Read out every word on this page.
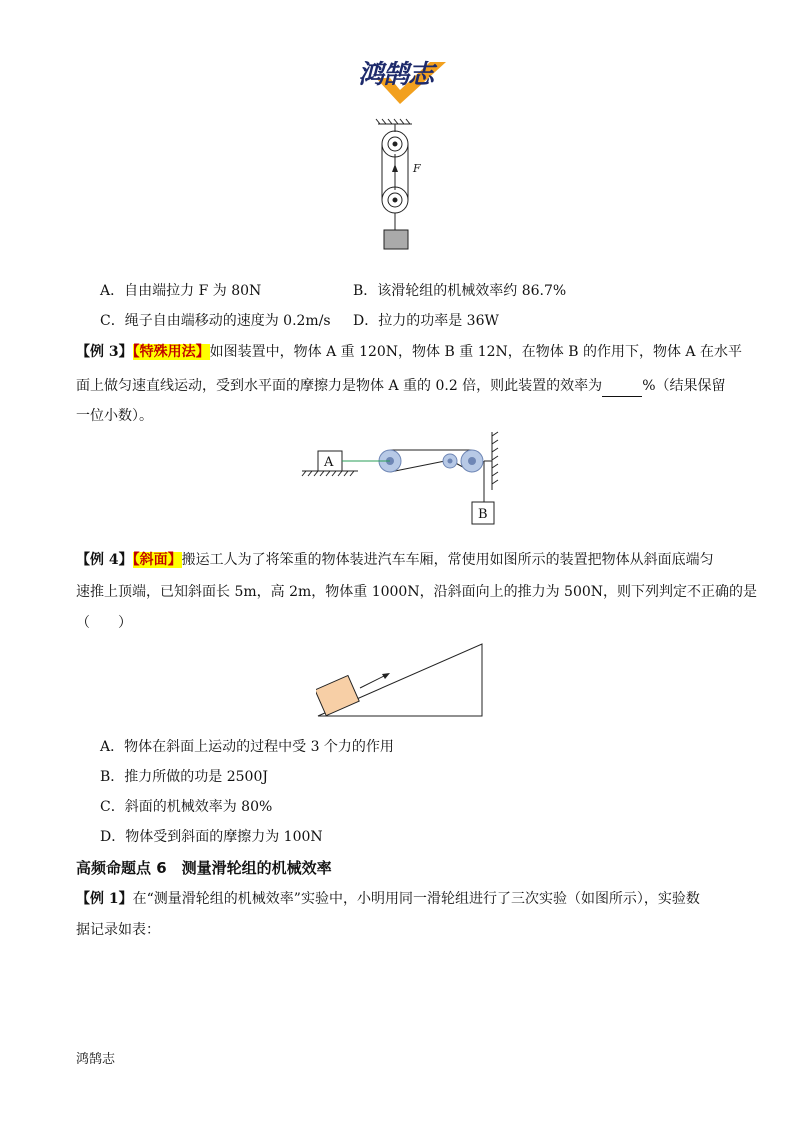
鸿鹄志
F
A．自由端拉力 F 为 80N	B．该滑轮组的机械效率约 86.7%
C．绳子自由端移动的速度为 0.2m/s D．拉力的功率是 36W
【例 3】【特殊用法】如图装置中，物体 A 重 120N，物体 B 重 12N，在物体 B 的作用下，物体 A 在水平
面上做匀速直线运动，受到水平面的摩擦力是物体 A 重的 0.2 倍，则此装置的效率为	%（结果保留
一位小数）。
A
B
【例 4】【斜面】搬运工人为了将笨重的物体装进汽车车厢，常使用如图所示的装置把物体从斜面底端匀
速推上顶端，已知斜面长 5m，高 2m，物体重 1000N，沿斜面向上的推力为 500N，则下列判定不正确的是
（　　）
A．物体在斜面上运动的过程中受 3 个力的作用
B．推力所做的功是 2500J
C．斜面的机械效率为 80%
D．物体受到斜面的摩擦力为 100N
高频命题点 6　测量滑轮组的机械效率
【例 1】在“测量滑轮组的机械效率”实验中，小明用同一滑轮组进行了三次实验（如图所示），实验数
据记录如表：
鸿鹄志
